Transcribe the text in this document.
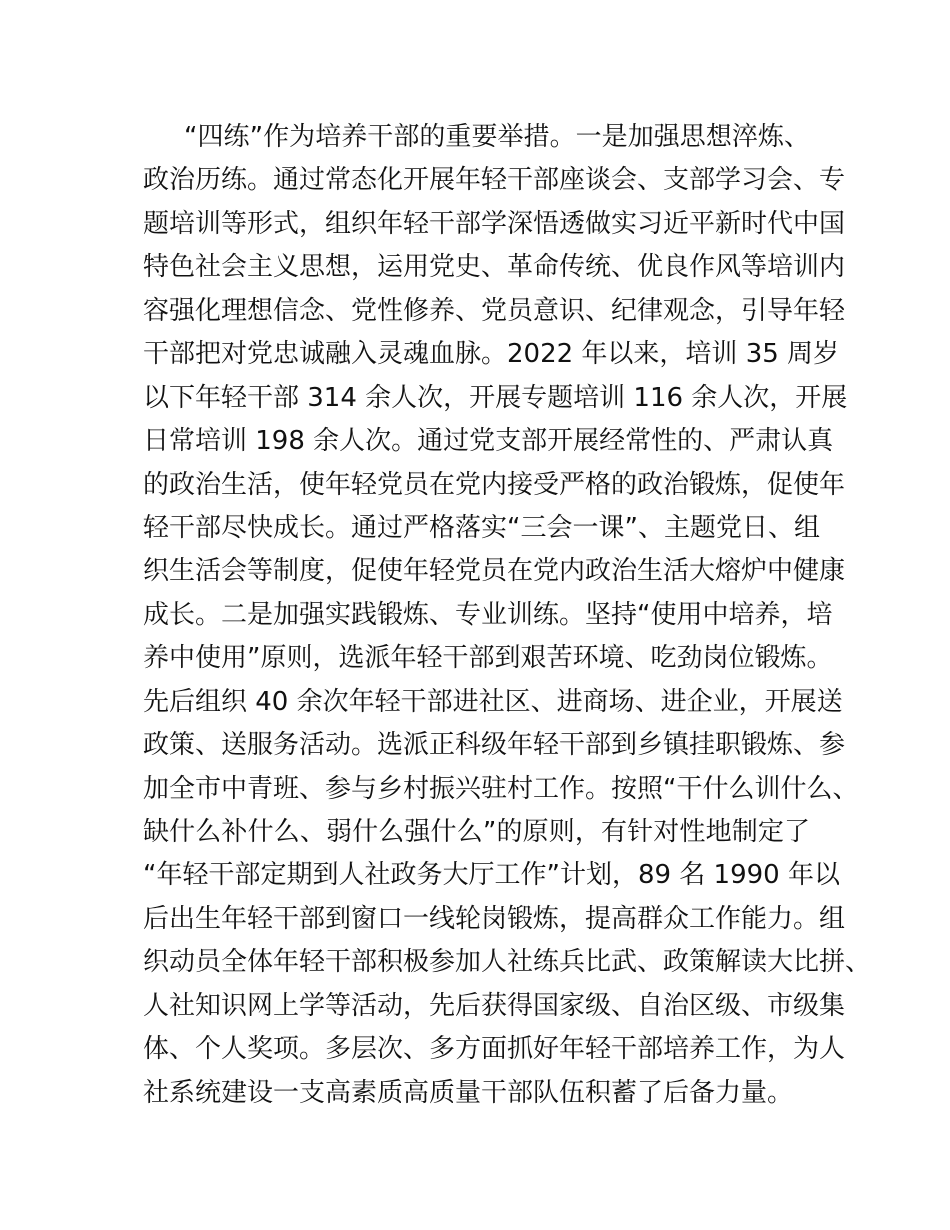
“四练”作为培养干部的重要举措。一是加强思想淬炼、
政治历练。通过常态化开展年轻干部座谈会、支部学习会、专
题培训等形式，组织年轻干部学深悟透做实习近平新时代中国
特色社会主义思想，运用党史、革命传统、优良作风等培训内
容强化理想信念、党性修养、党员意识、纪律观念，引导年轻
干部把对党忠诚融入灵魂血脉。2022 年以来，培训 35 周岁
以下年轻干部 314 余人次，开展专题培训 116 余人次，开展
日常培训 198 余人次。通过党支部开展经常性的、严肃认真
的政治生活，使年轻党员在党内接受严格的政治锻炼，促使年
轻干部尽快成长。通过严格落实“三会一课”、主题党日、组
织生活会等制度，促使年轻党员在党内政治生活大熔炉中健康
成长。二是加强实践锻炼、专业训练。坚持“使用中培养，培
养中使用”原则，选派年轻干部到艰苦环境、吃劲岗位锻炼。
先后组织 40 余次年轻干部进社区、进商场、进企业，开展送
政策、送服务活动。选派正科级年轻干部到乡镇挂职锻炼、参
加全市中青班、参与乡村振兴驻村工作。按照“干什么训什么、
缺什么补什么、弱什么强什么”的原则，有针对性地制定了
“年轻干部定期到人社政务大厅工作”计划，89 名 1990 年以
后出生年轻干部到窗口一线轮岗锻炼，提高群众工作能力。组
织动员全体年轻干部积极参加人社练兵比武、政策解读大比拼、
人社知识网上学等活动，先后获得国家级、自治区级、市级集
体、个人奖项。多层次、多方面抓好年轻干部培养工作，为人
社系统建设一支高素质高质量干部队伍积蓄了后备力量。
